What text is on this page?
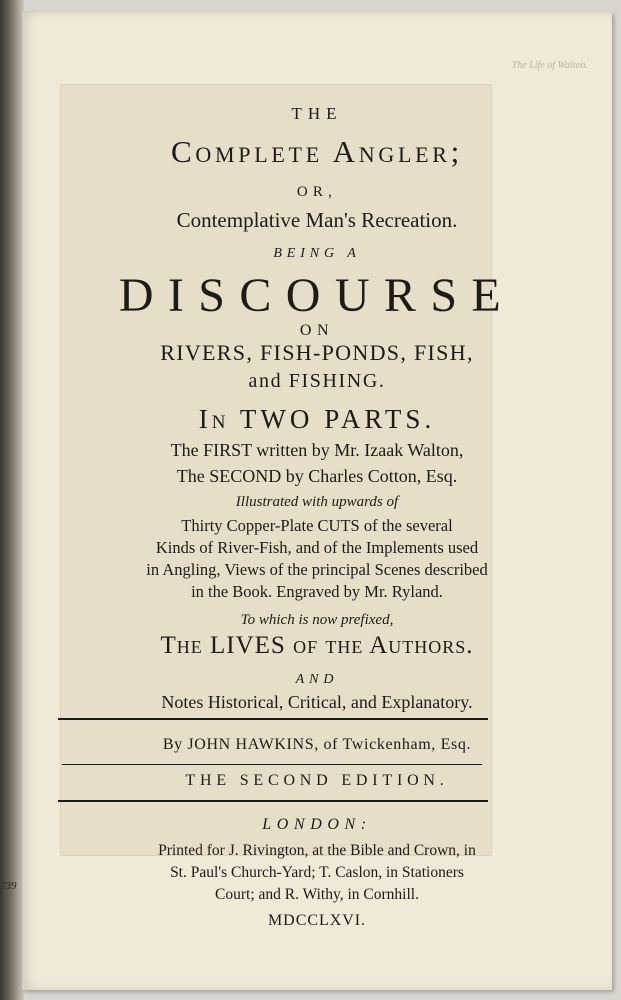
739
The Life of Walton.
THE
Complete Angler;
OR,
Contemplative Man's Recreation.
BEING A
DISCOURSE
ON
RIVERS, FISH-PONDS, FISH,
and FISHING.
In TWO PARTS.
The FIRST written by Mr. Izaak Walton,
The SECOND by Charles Cotton, Esq.
Illustrated with upwards of
Thirty Copper-Plate CUTS of the several
Kinds of River-Fish, and of the Implements used
in Angling, Views of the principal Scenes described
in the Book. Engraved by Mr. Ryland.
To which is now prefixed,
The LIVES of the Authors.
AND
Notes Historical, Critical, and Explanatory.
By JOHN HAWKINS, of Twickenham, Esq.
THE SECOND EDITION.
LONDON:
Printed for J. Rivington, at the Bible and Crown, in
St. Paul's Church-Yard; T. Caslon, in Stationers
Court; and R. Withy, in Cornhill.
MDCCLXVI.
